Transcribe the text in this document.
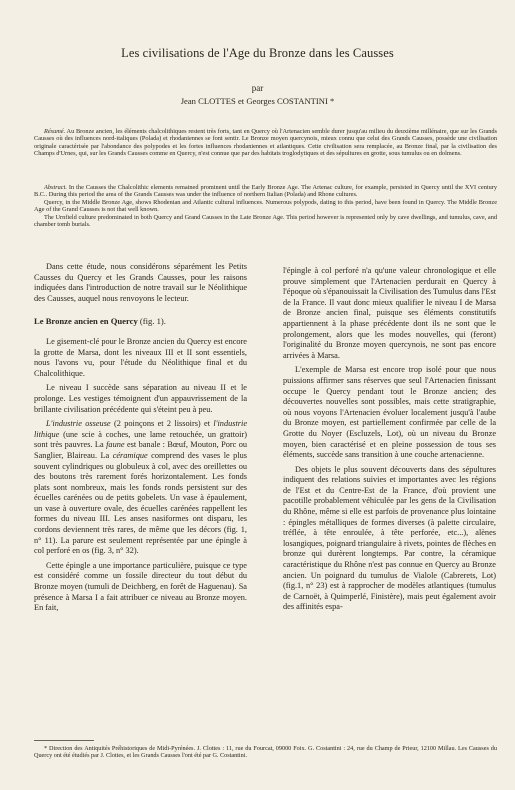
Les civilisations de l'Age du Bronze dans les Causses
par
Jean CLOTTES et Georges COSTANTINI *

Résumé. Au Bronze ancien, les éléments chalcolithiques restent très forts, tant en Quercy où l'Artenacien semble durer jusqu'au milieu du deuxième millénaire, que sur les Grands Causses où des influences nord-italiques (Polada) et rhodaniennes se font sentir. Le Bronze moyen quercynois, mieux connu que celui des Grands Causses, possède une civilisation originale caractérisée par l'abondance des polypodes et les fortes influences rhodaniennes et atlantiques. Cette civilisation sera remplacée, au Bronze final, par la civilisation des Champs d'Urnes, qui, sur les Grands Causses comme en Quercy, n'est connue que par des habitats troglodytiques et des sépultures en grotte, sous tumulus ou en dolmens.

Abstract. In the Causses the Chalcolithic elements remained prominent until the Early Bronze Age. The Artenac culture, for example, persisted in Quercy until the XVI century B.C.. During this period the area of the Grands Causses was under the influence of northern Italian (Polada) and Rhone cultures.

Quercy, in the Middle Bronze Age, shows Rhodenian and Atlantic cultural influences. Numerous polypods, dating to this period, have been found in Quercy. The Middle Bronze Age of the Grand Causses is not that well known.

The Urnfield culture predominated in both Quercy and Grand Causses in the Late Bronze Age. This period however is represented only by cave dwellings, and tumulus, cave, and chamber tomb burials.

Dans cette étude, nous considérons séparément les Petits Causses du Quercy et les Grands Causses, pour les raisons indiquées dans l'introduction de notre travail sur le Néolithique des Causses, auquel nous renvoyons le lecteur.

Le Bronze ancien en Quercy (fig. 1).

Le gisement-clé pour le Bronze ancien du Quercy est encore la grotte de Marsa, dont les niveaux III et II sont essentiels, nous l'avons vu, pour l'étude du Néolithique final et du Chalcolithique.

Le niveau I succède sans séparation au niveau II et le prolonge. Les vestiges témoignent d'un appauvrissement de la brillante civilisation précédente qui s'éteint peu à peu.

L'industrie osseuse (2 poinçons et 2 lissoirs) et l'industrie lithique (une scie à coches, une lame retouchée, un grattoir) sont très pauvres. La faune est banale : Bœuf, Mouton, Porc ou Sanglier, Blaireau. La céramique comprend des vases le plus souvent cylindriques ou globuleux à col, avec des oreillettes ou des boutons très rarement forés horizontalement. Les fonds plats sont nombreux, mais les fonds ronds persistent sur des écuelles carénées ou de petits gobelets. Un vase à épaulement, un vase à ouverture ovale, des écuelles carénées rappellent les formes du niveau III. Les anses nasiformes ont disparu, les cordons deviennent très rares, de même que les décors (fig. 1, n° 11). La parure est seulement représentée par une épingle à col perforé en os (fig. 3, n° 32).

Cette épingle a une importance particulière, puisque ce type est considéré comme un fossile directeur du tout début du Bronze moyen (tumuli de Deichberg, en forêt de Haguenau). Sa présence à Marsa I a fait attribuer ce niveau au Bronze moyen. En fait,

l'épingle à col perforé n'a qu'une valeur chronologique et elle prouve simplement que l'Artenacien perdurait en Quercy à l'époque où s'épanouissait la Civilisation des Tumulus dans l'Est de la France. Il vaut donc mieux qualifier le niveau I de Marsa de Bronze ancien final, puisque ses éléments constitutifs appartiennent à la phase précédente dont ils ne sont que le prolongement, alors que les modes nouvelles, qui (feront) l'originalité du Bronze moyen quercynois, ne sont pas encore arrivées à Marsa.

L'exemple de Marsa est encore trop isolé pour que nous puissions affirmer sans réserves que seul l'Artenacien finissant occupe le Quercy pendant tout le Bronze ancien; des découvertes nouvelles sont possibles, mais cette stratigraphie, où nous voyons l'Artenacien évoluer localement jusqu'à l'aube du Bronze moyen, est partiellement confirmée par celle de la Grotte du Noyer (Escluzels, Lot), où un niveau du Bronze moyen, bien caractérisé et en pleine possession de tous ses éléments, succède sans transition à une couche artenacienne.

Des objets le plus souvent découverts dans des sépultures indiquent des relations suivies et importantes avec les régions de l'Est et du Centre-Est de la France, d'où provient une pacotille probablement véhiculée par les gens de la Civilisation du Rhône, même si elle est parfois de provenance plus lointaine : épingles métalliques de formes diverses (à palette circulaire, tréflée, à tête enroulée, à tête perforée, etc...), alènes losangiques, poignard triangulaire à rivets, pointes de flèches en bronze qui durèrent longtemps. Par contre, la céramique caractéristique du Rhône n'est pas connue en Quercy au Bronze ancien. Un poignard du tumulus de Vialole (Cabrerets, Lot) (fig.1, n° 23) est à rapprocher de modèles atlantiques (tumulus de Carnoët, à Quimperlé, Finistère), mais peut également avoir des affinités espa-

* Direction des Antiquités Préhistoriques de Midi-Pyrénées. J. Clottes : 11, rue du Fourcat, 09000 Foix. G. Costantini : 24, rue du Champ de Prieur, 12100 Millau. Les Causses du Quercy ont été étudiés par J. Clottes, et les Grands Causses l'ont été par G. Costantini.
